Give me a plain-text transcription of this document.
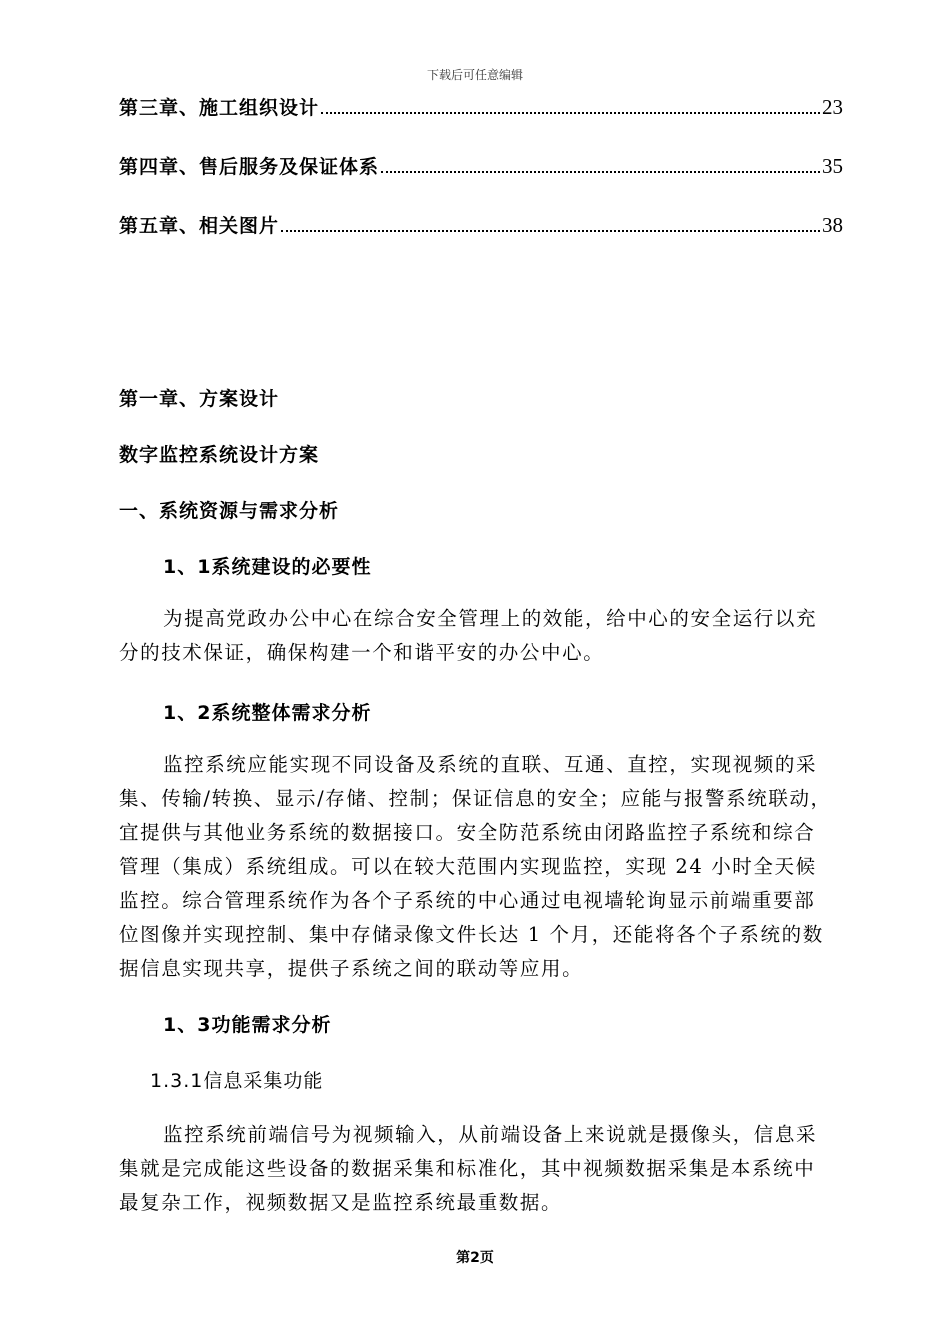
下载后可任意编辑
第三章、施工组织设计	23
第四章、售后服务及保证体系	35
第五章、相关图片	38
第一章、方案设计
数字监控系统设计方案
一、系统资源与需求分析
1、1系统建设的必要性
为提高党政办公中心在综合安全管理上的效能，给中心的安全运行以充
分的技术保证，确保构建一个和谐平安的办公中心。
1、2系统整体需求分析
监控系统应能实现不同设备及系统的直联、互通、直控，实现视频的采
集、传输/转换、显示/存储、控制；保证信息的安全；应能与报警系统联动，
宜提供与其他业务系统的数据接口。安全防范系统由闭路监控子系统和综合
管理（集成）系统组成。可以在较大范围内实现监控，实现 24 小时全天候
监控。综合管理系统作为各个子系统的中心通过电视墙轮询显示前端重要部
位图像并实现控制、集中存储录像文件长达 1 个月，还能将各个子系统的数
据信息实现共享，提供子系统之间的联动等应用。
1、3功能需求分析
1.3.1信息采集功能
监控系统前端信号为视频输入，从前端设备上来说就是摄像头，信息采
集就是完成能这些设备的数据采集和标准化，其中视频数据采集是本系统中
最复杂工作，视频数据又是监控系统最重数据。
第2页
